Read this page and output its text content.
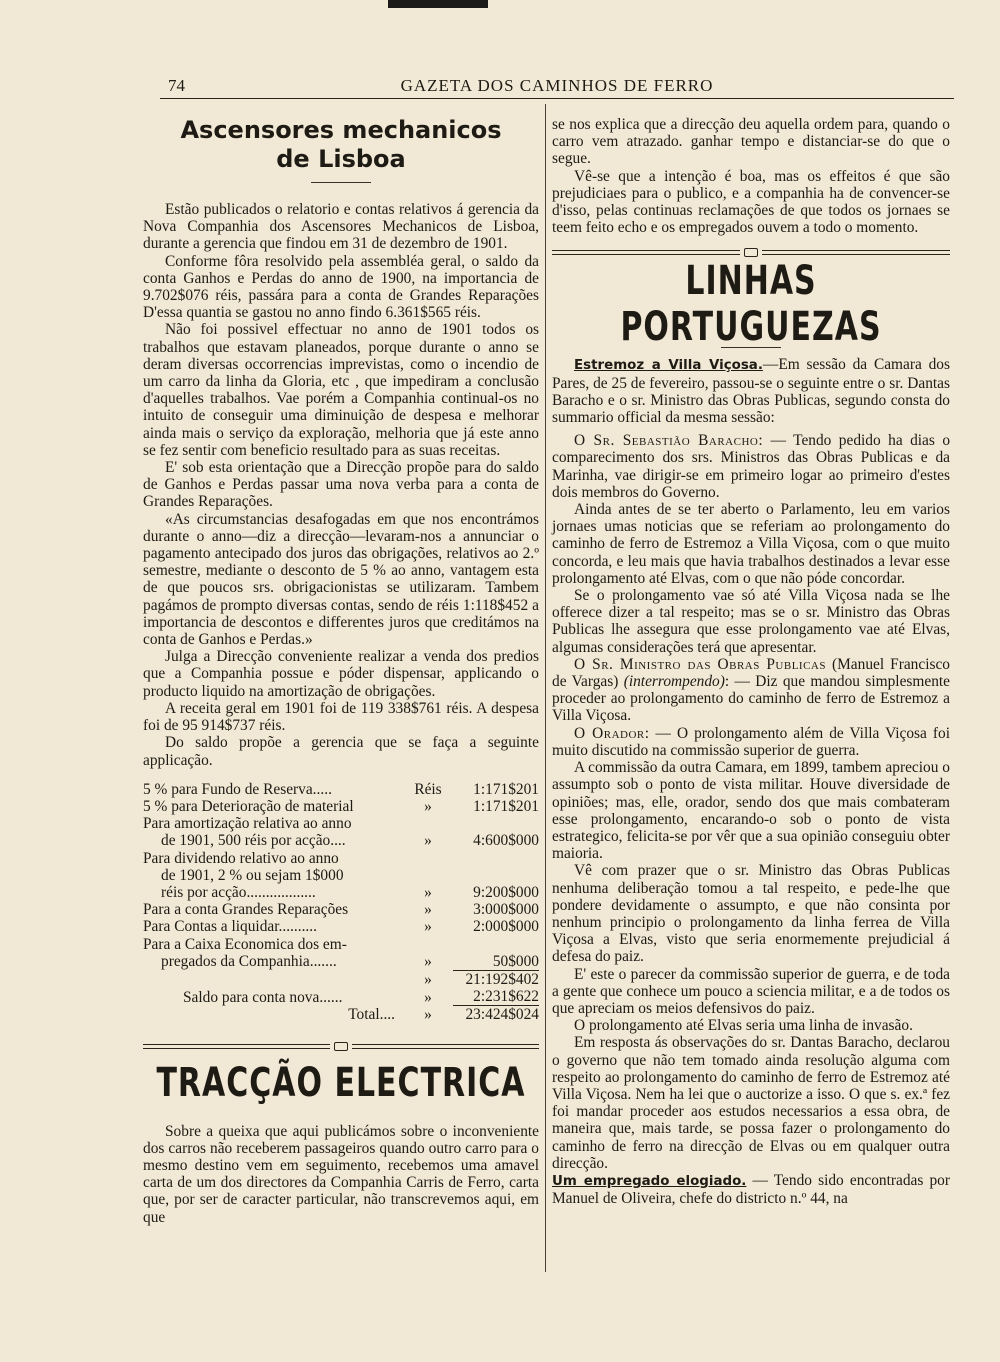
74	GAZETA DOS CAMINHOS DE FERRO
Ascensores mechanicos
de Lisboa

Estão publicados o relatorio e contas relativos á gerencia da Nova Companhia dos Ascensores Mechanicos de Lisboa, durante a gerencia que findou em 31 de dezembro de 1901.

Conforme fôra resolvido pela assembléa geral, o saldo da conta Ganhos e Perdas do anno de 1900, na importancia de 9.702$076 réis, passára para a conta de Grandes Reparações D'essa quantia se gastou no anno findo 6.361$565 réis.

Não foi possivel effectuar no anno de 1901 todos os trabalhos que estavam planeados, porque durante o anno se deram diversas occorrencias imprevistas, como o incendio de um carro da linha da Gloria, etc , que impediram a conclusão d'aquelles trabalhos. Vae porém a Companhia continual-os no intuito de conseguir uma diminuição de despesa e melhorar ainda mais o serviço da exploração, melhoria que já este anno se fez sentir com beneficio resultado para as suas receitas.

E' sob esta orientação que a Direcção propõe para do saldo de Ganhos e Perdas passar uma nova verba para a conta de Grandes Reparações.

«As circumstancias desafogadas em que nos encontrámos durante o anno—diz a direcção—levaram-nos a annunciar o pagamento antecipado dos juros das obrigações, relativos ao 2.º semestre, mediante o desconto de 5 % ao anno, vantagem esta de que poucos srs. obrigacionistas se utilizaram. Tambem pagámos de prompto diversas contas, sendo de réis 1:118$452 a importancia de descontos e differentes juros que creditámos na conta de Ganhos e Perdas.»

Julga a Direcção conveniente realizar a venda dos predios que a Companhia possue e póder dispensar, applicando o producto liquido na amortização de obrigações.

A receita geral em 1901 foi de 119 338$761 réis. A despesa foi de 95 914$737 réis.

Do saldo propõe a gerencia que se faça a seguinte applicação.

5 % para Fundo de Reserva.....	Réis	1:171$201
5 % para Deterioração de material	»	1:171$201
Para amortização relativa ao anno		
de 1901, 500 réis por acção....	»	4:600$000
Para dividendo relativo ao anno		
de 1901, 2 % ou sejam 1$000		
réis por acção..................	»	9:200$000
Para a conta Grandes Reparações	»	3:000$000
Para Contas a liquidar..........	»	2:000$000
Para a Caixa Economica dos em-		
pregados da Companhia.......	»	50$000
	»	21:192$402
Saldo para conta nova......	»	2:231$622
Total....	»	23:424$024
TRACÇÃO ELECTRICA

Sobre a queixa que aqui publicámos sobre o inconveniente dos carros não receberem passageiros quando outro carro para o mesmo destino vem em seguimento, recebemos uma amavel carta de um dos directores da Companhia Carris de Ferro, carta que, por ser de caracter particular, não transcrevemos aqui, em que

se nos explica que a direcção deu aquella ordem para, quando o carro vem atrazado. ganhar tempo e distanciar-se do que o segue.

Vê-se que a intenção é boa, mas os effeitos é que são prejudiciaes para o publico, e a companhia ha de convencer-se d'isso, pelas continuas reclamações de que todos os jornaes se teem feito echo e os empregados ouvem a todo o momento.

LINHAS PORTUGUEZAS

Estremoz a Villa Viçosa.—Em sessão da Camara dos Pares, de 25 de fevereiro, passou-se o seguinte entre o sr. Dantas Baracho e o sr. Ministro das Obras Publicas, segundo consta do summario official da mesma sessão:

O Sr. Sebastião Baracho: — Tendo pedido ha dias o comparecimento dos srs. Ministros das Obras Publicas e da Marinha, vae dirigir-se em primeiro logar ao primeiro d'estes dois membros do Governo.

Ainda antes de se ter aberto o Parlamento, leu em varios jornaes umas noticias que se referiam ao prolongamento do caminho de ferro de Estremoz a Villa Viçosa, com o que muito concorda, e leu mais que havia trabalhos destinados a levar esse prolongamento até Elvas, com o que não póde concordar.

Se o prolongamento vae só até Villa Viçosa nada se lhe offerece dizer a tal respeito; mas se o sr. Ministro das Obras Publicas lhe assegura que esse prolongamento vae até Elvas, algumas considerações terá que apresentar.

O Sr. Ministro das Obras Publicas (Manuel Francisco de Vargas) (interrompendo): — Diz que mandou simplesmente proceder ao prolongamento do caminho de ferro de Estremoz a Villa Viçosa.

O Orador: — O prolongamento além de Villa Viçosa foi muito discutido na commissão superior de guerra.

A commissão da outra Camara, em 1899, tambem apreciou o assumpto sob o ponto de vista militar. Houve diversidade de opiniões; mas, elle, orador, sendo dos que mais combateram esse prolongamento, encarando-o sob o ponto de vista estrategico, felicita-se por vêr que a sua opinião conseguiu obter maioria.

Vê com prazer que o sr. Ministro das Obras Publicas nenhuma deliberação tomou a tal respeito, e pede-lhe que pondere devidamente o assumpto, e que não consinta por nenhum principio o prolongamento da linha ferrea de Villa Viçosa a Elvas, visto que seria enormemente prejudicial á defesa do paiz.

E' este o parecer da commissão superior de guerra, e de toda a gente que conhece um pouco a sciencia militar, e a de todos os que apreciam os meios defensivos do paiz.

O prolongamento até Elvas seria uma linha de invasão.

Em resposta ás observações do sr. Dantas Baracho, declarou o governo que não tem tomado ainda resolução alguma com respeito ao prolongamento do caminho de ferro de Estremoz até Villa Viçosa. Nem ha lei que o auctorize a isso. O que s. ex.ª fez foi mandar proceder aos estudos necessarios a essa obra, de maneira que, mais tarde, se possa fazer o prolongamento do caminho de ferro na direcção de Elvas ou em qualquer outra direcção.

Um empregado elogiado. — Tendo sido encontradas por Manuel de Oliveira, chefe do districto n.º 44, na
